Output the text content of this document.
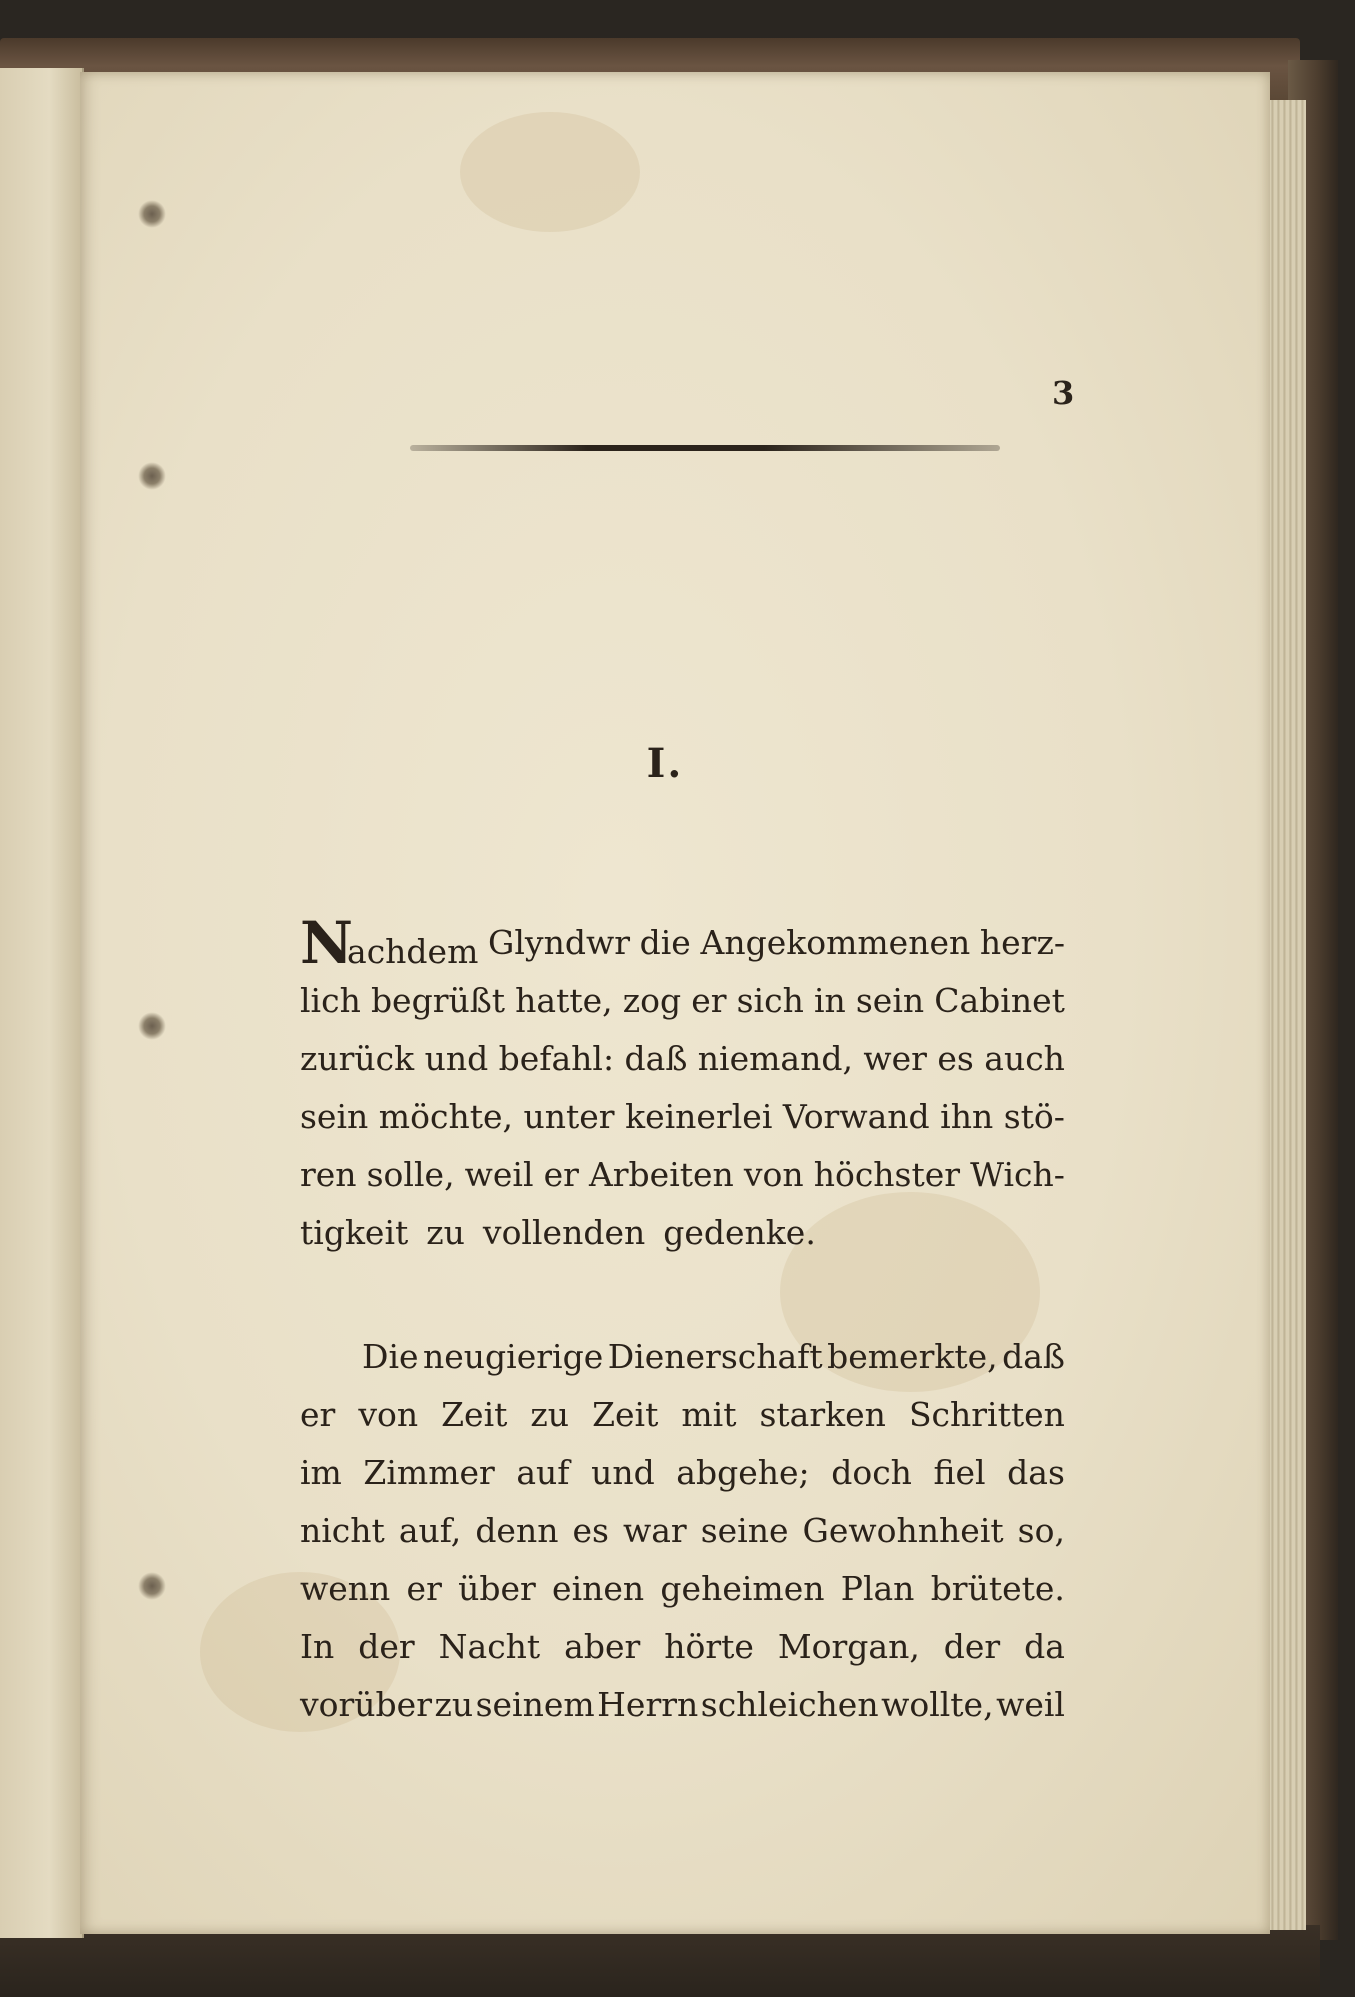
3
I.
Nachdem Glyndwr die Angekommenen herz-
lich begrüßt hatte, zog er sich in sein Cabinet
zurück und befahl: daß niemand, wer es auch
sein möchte, unter keinerlei Vorwand ihn stö-
ren solle, weil er Arbeiten von höchster Wich-
tigkeit zu vollenden gedenke.
Die neugierige Dienerschaft bemerkte, daß
er von Zeit zu Zeit mit starken Schritten
im Zimmer auf und abgehe; doch fiel das
nicht auf, denn es war seine Gewohnheit so,
wenn er über einen geheimen Plan brütete.
In der Nacht aber hörte Morgan, der da
vorüber zu seinem Herrn schleichen wollte, weil
